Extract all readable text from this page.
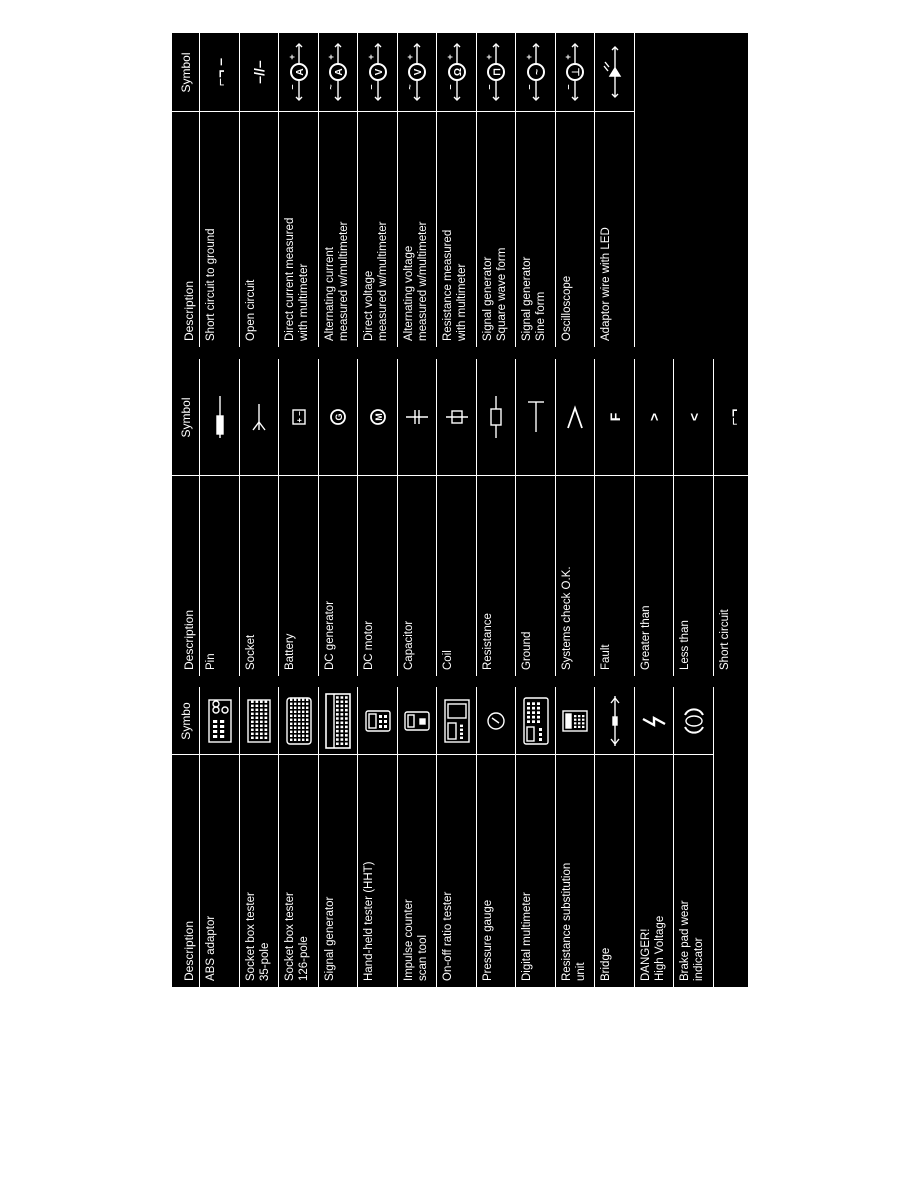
Description
Symbo
ABS adaptor Socket box tester
35-pole Socket box tester
126-pole Signal generator Hand-held tester (HHT) Impulse counter
scan tool On-off ratio tester Pressure gauge Digital multimeter Resistance substitution
unit Bridge DANGER!
High Voltage
Brake pad wear
indicator
Description
Symbol
Pin Socket Battery
+ –
DC generator
G
DC motor
M
Capacitor Coil Resistance Ground Systems check O.K. Fault
F
Greater than
>
Less than
<
Short circuit
⌐¬
Short circuit to positive
⌐¬ +
Description
Symbol
Short circuit to ground
⌐¬ –
Open circuit
–//–
Direct current measured
with multimeter
A
–
+
Alternating current
measured w/multimeter
A
~
+
Direct voltage
measured w/multimeter
V
–
+
Alternating voltage
measured w/multimeter
V
~
+
Resistance measured
with multimeter
Ω
–
+
Signal generator
Square wave form
⊓
–
+
Signal generator
Sine form
~
–
+
Oscilloscope
⊥
–
+
Adaptor wire with LED
